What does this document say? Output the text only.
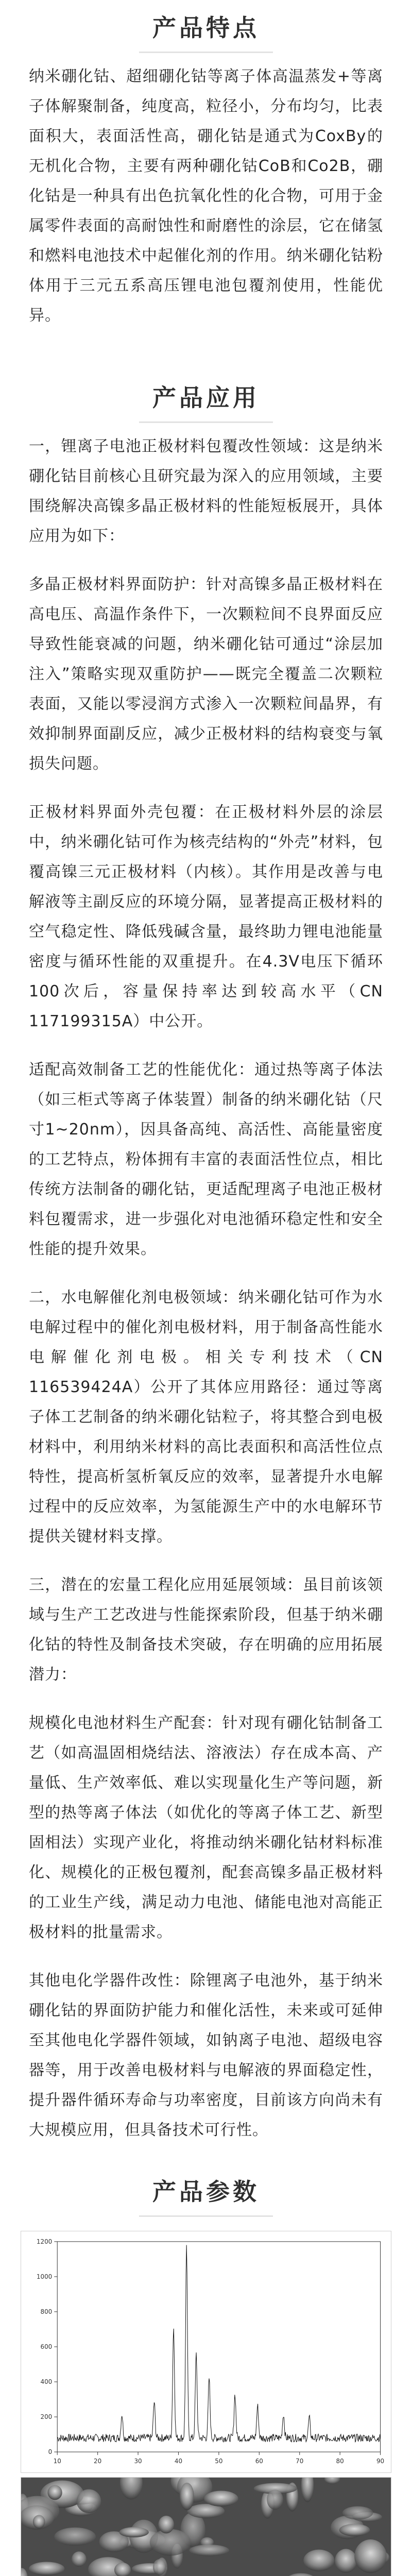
产品特点

纳米硼化钴、超细硼化钴等离子体高温蒸发+等离子体解聚制备，纯度高，粒径小，分布均匀，比表面积大，表面活性高，硼化钴是通式为CoxBy的无机化合物，主要有两种硼化钴CoB和Co2B，硼化钴是一种具有出色抗氧化性的化合物，可用于金属零件表面的高耐蚀性和耐磨性的涂层，它在储氢和燃料电池技术中起催化剂的作用。纳米硼化钴粉体用于三元五系高压锂电池包覆剂使用，性能优异。

产品应用

一，锂离子电池正极材料包覆改性领域：这是纳米硼化钴目前核心且研究最为深入的应用领域，主要围绕解决高镍多晶正极材料的性能短板展开，具体应用为如下：

多晶正极材料界面防护：针对高镍多晶正极材料在高电压、高温作条件下，一次颗粒间不良界面反应导致性能衰减的问题，纳米硼化钴可通过“涂层加注入”策略实现双重防护——既完全覆盖二次颗粒表面，又能以零浸润方式渗入一次颗粒间晶界，有效抑制界面副反应，减少正极材料的结构衰变与氧损失问题。

正极材料界面外壳包覆：在正极材料外层的涂层中，纳米硼化钴可作为核壳结构的“外壳”材料，包覆高镍三元正极材料（内核）。其作用是改善与电解液等主副反应的环境分隔，显著提高正极材料的空气稳定性、降低残碱含量，最终助力锂电池能量密度与循环性能的双重提升。在4.3V电压下循环100次后，容量保持率达到较高水平（CN 117199315A）中公开。

适配高效制备工艺的性能优化：通过热等离子体法（如三柜式等离子体装置）制备的纳米硼化钴（尺寸1~20nm），因具备高纯、高活性、高能量密度的工艺特点，粉体拥有丰富的表面活性位点，相比传统方法制备的硼化钴，更适配理离子电池正极材料包覆需求，进一步强化对电池循环稳定性和安全性能的提升效果。

二，水电解催化剂电极领域：纳米硼化钴可作为水电解过程中的催化剂电极材料，用于制备高性能水电解催化剂电极。相关专利技术（CN 116539424A）公开了其体应用路径：通过等离子体工艺制备的纳米硼化钴粒子，将其整合到电极材料中，利用纳米材料的高比表面积和高活性位点特性，提高析氢析氧反应的效率，显著提升水电解过程中的反应效率，为氢能源生产中的水电解环节提供关键材料支撑。

三，潜在的宏量工程化应用延展领域：虽目前该领域与生产工艺改进与性能探索阶段，但基于纳米硼化钴的特性及制备技术突破，存在明确的应用拓展潜力：

规模化电池材料生产配套：针对现有硼化钴制备工艺（如高温固相烧结法、溶液法）存在成本高、产量低、生产效率低、难以实现量化生产等问题，新型的热等离子体法（如优化的等离子体工艺、新型固相法）实现产业化，将推动纳米硼化钴材料标准化、规模化的正极包覆剂，配套高镍多晶正极材料的工业生产线，满足动力电池、储能电池对高能正极材料的批量需求。

其他电化学器件改性：除锂离子电池外，基于纳米硼化钴的界面防护能力和催化活性，未来或可延伸至其他电化学器件领域，如钠离子电池、超级电容器等，用于改善电极材料与电解液的界面稳定性，提升器件循环寿命与功率密度，目前该方向尚未有大规模应用，但具备技术可行性。

产品参数
10	20	30	40	50	60	70	80	90
0
200
400
600
800
1000
1200
